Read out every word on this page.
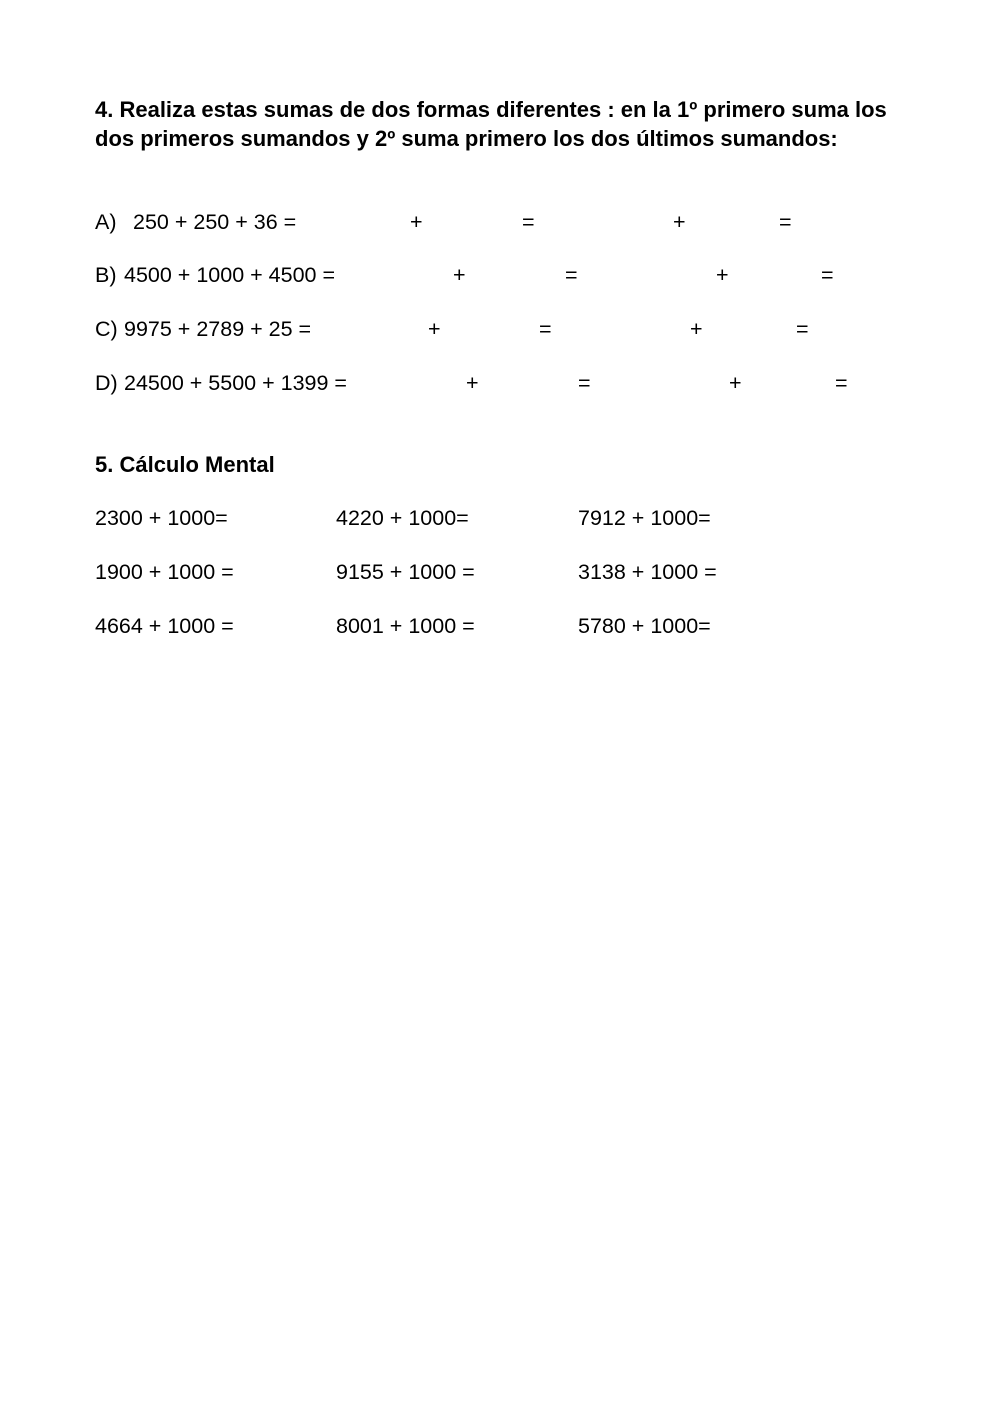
4. Realiza estas sumas de dos formas diferentes : en la 1º primero suma los dos primeros sumandos y 2º suma primero los dos últimos sumandos:
A) 250 + 250 + 36 =	+	=	+	=
B) 4500 + 1000 + 4500 =	+	=	+	=
C) 9975 + 2789 + 25 =	+	=	+	=
D) 24500 + 5500 + 1399 =	+	=	+	=
5. Cálculo Mental
2300 + 1000=	4220 + 1000=	7912 + 1000=
1900 + 1000 =	9155 + 1000 =	3138 + 1000 =
4664 + 1000 =	8001 + 1000 =	5780 + 1000=
